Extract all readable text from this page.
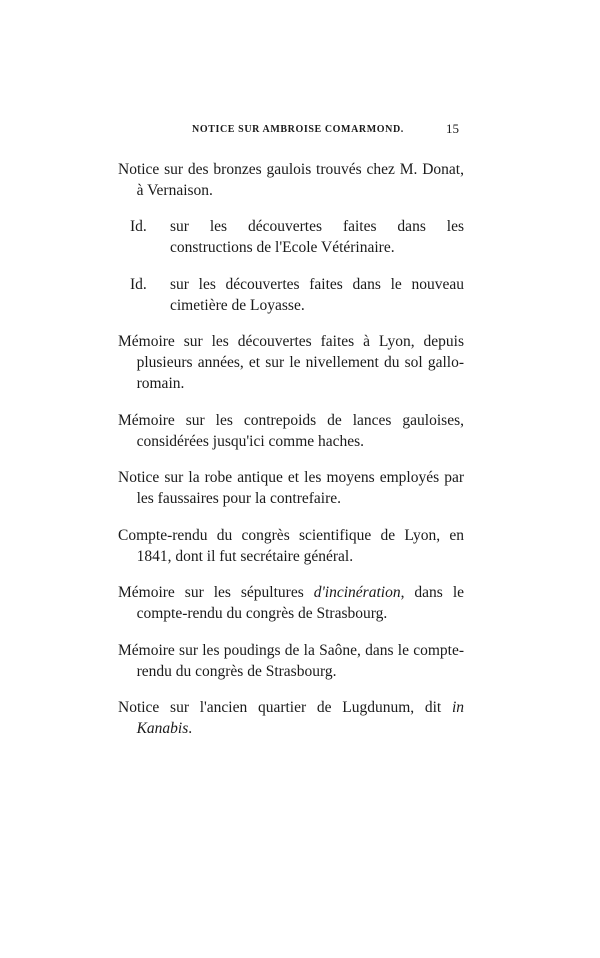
NOTICE SUR AMBROISE COMARMOND.	15

Notice sur des bronzes gaulois trouvés chez M. Donat, à Vernaison.

Id. sur les découvertes faites dans les constructions de l'Ecole Vétérinaire.

Id. sur les découvertes faites dans le nouveau cimetière de Loyasse.

Mémoire sur les découvertes faites à Lyon, depuis plusieurs années, et sur le nivellement du sol gallo-romain.

Mémoire sur les contrepoids de lances gauloises, considérées jusqu'ici comme haches.

Notice sur la robe antique et les moyens employés par les faussaires pour la contrefaire.

Compte-rendu du congrès scientifique de Lyon, en 1841, dont il fut secrétaire général.

Mémoire sur les sépultures d'incinération, dans le compte-rendu du congrès de Strasbourg.

Mémoire sur les poudings de la Saône, dans le compte-rendu du congrès de Strasbourg.

Notice sur l'ancien quartier de Lugdunum, dit in Kanabis.
